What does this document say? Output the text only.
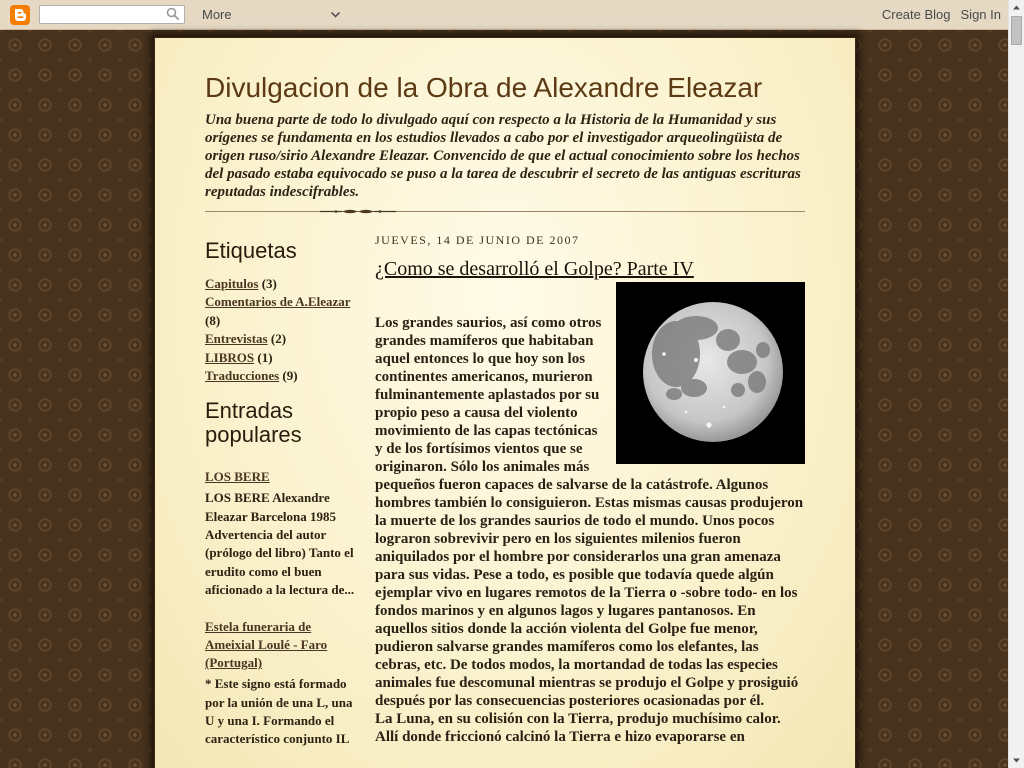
More	Create Blog Sign In
Divulgacion de la Obra de Alexandre Eleazar
Una buena parte de todo lo divulgado aquí con respecto a la Historia de la Humanidad y sus orígenes se fundamenta en los estudios llevados a cabo por el investigador arqueolingüista de origen ruso/sirio Alexandre Eleazar. Convencido de que el actual conocimiento sobre los hechos del pasado estaba equivocado se puso a la tarea de descubrir el secreto de las antiguas escrituras reputadas indescifrables.
Etiquetas
Capitulos (3)
Comentarios de A.Eleazar (8)
Entrevistas (2)
LIBROS (1)
Traducciones (9)
Entradas populares
LOS BERE
LOS BERE Alexandre Eleazar Barcelona 1985 Advertencia del autor (prólogo del libro) Tanto el erudito como el buen aficionado a la lectura de...
Estela funeraria de Ameixial Loulé - Faro (Portugal)
* Este signo está formado por la unión de una L, una U y una I. Formando el característico conjunto IL
JUEVES, 14 DE JUNIO DE 2007
¿Como se desarrolló el Golpe? Parte IV

Los grandes saurios, así como otros grandes mamíferos que habitaban aquel entonces lo que hoy son los continentes americanos, murieron fulminantemente aplastados por su propio peso a causa del violento movimiento de las capas tectónicas y de los fortísimos vientos que se originaron. Sólo los animales más pequeños fueron capaces de salvarse de la catástrofe. Algunos hombres también lo consiguieron. Estas mismas causas produjeron la muerte de los grandes saurios de todo el mundo. Unos pocos lograron sobrevivir pero en los siguientes milenios fueron aniquilados por el hombre por considerarlos una gran amenaza para sus vidas. Pese a todo, es posible que todavía quede algún ejemplar vivo en lugares remotos de la Tierra o -sobre todo- en los fondos marinos y en algunos lagos y lugares pantanosos. En aquellos sitios donde la acción violenta del Golpe fue menor, pudieron salvarse grandes mamíferos como los elefantes, las cebras, etc. De todos modos, la mortandad de todas las especies animales fue descomunal mientras se produjo el Golpe y prosiguió después por las consecuencias posteriores ocasionadas por él.

La Luna, en su colisión con la Tierra, produjo muchísimo calor. Allí donde friccionó calcinó la Tierra e hizo evaporarse en
